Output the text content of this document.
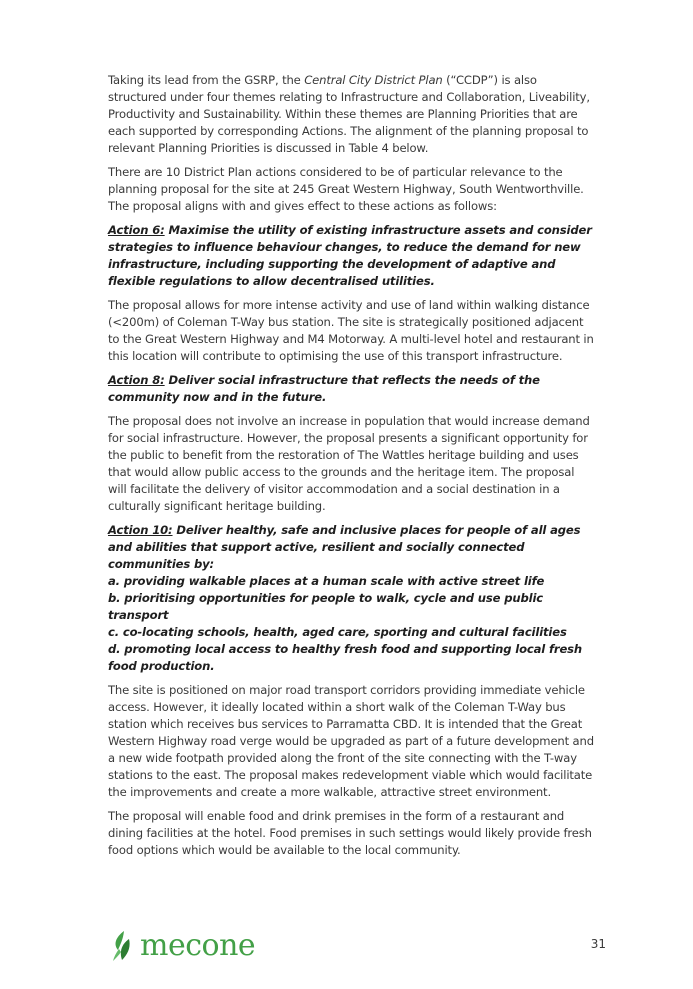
Taking its lead from the GSRP, the Central City District Plan (“CCDP”) is also structured under four themes relating to Infrastructure and Collaboration, Liveability, Productivity and Sustainability. Within these themes are Planning Priorities that are each supported by corresponding Actions. The alignment of the planning proposal to relevant Planning Priorities is discussed in Table 4 below.

There are 10 District Plan actions considered to be of particular relevance to the planning proposal for the site at 245 Great Western Highway, South Wentworthville. The proposal aligns with and gives effect to these actions as follows:

Action 6: Maximise the utility of existing infrastructure assets and consider strategies to influence behaviour changes, to reduce the demand for new infrastructure, including supporting the development of adaptive and flexible regulations to allow decentralised utilities.

The proposal allows for more intense activity and use of land within walking distance (<200m) of Coleman T-Way bus station. The site is strategically positioned adjacent to the Great Western Highway and M4 Motorway. A multi-level hotel and restaurant in this location will contribute to optimising the use of this transport infrastructure.

Action 8: Deliver social infrastructure that reflects the needs of the community now and in the future.

The proposal does not involve an increase in population that would increase demand for social infrastructure. However, the proposal presents a significant opportunity for the public to benefit from the restoration of The Wattles heritage building and uses that would allow public access to the grounds and the heritage item. The proposal will facilitate the delivery of visitor accommodation and a social destination in a culturally significant heritage building.

Action 10: Deliver healthy, safe and inclusive places for people of all ages and abilities that support active, resilient and socially connected communities by:
a. providing walkable places at a human scale with active street life
b. prioritising opportunities for people to walk, cycle and use public transport
c. co-locating schools, health, aged care, sporting and cultural facilities
d. promoting local access to healthy fresh food and supporting local fresh food production.

The site is positioned on major road transport corridors providing immediate vehicle access. However, it ideally located within a short walk of the Coleman T-Way bus station which receives bus services to Parramatta CBD. It is intended that the Great Western Highway road verge would be upgraded as part of a future development and a new wide footpath provided along the front of the site connecting with the T-way stations to the east. The proposal makes redevelopment viable which would facilitate the improvements and create a more walkable, attractive street environment.

The proposal will enable food and drink premises in the form of a restaurant and dining facilities at the hotel. Food premises in such settings would likely provide fresh food options which would be available to the local community.

mecone	31
